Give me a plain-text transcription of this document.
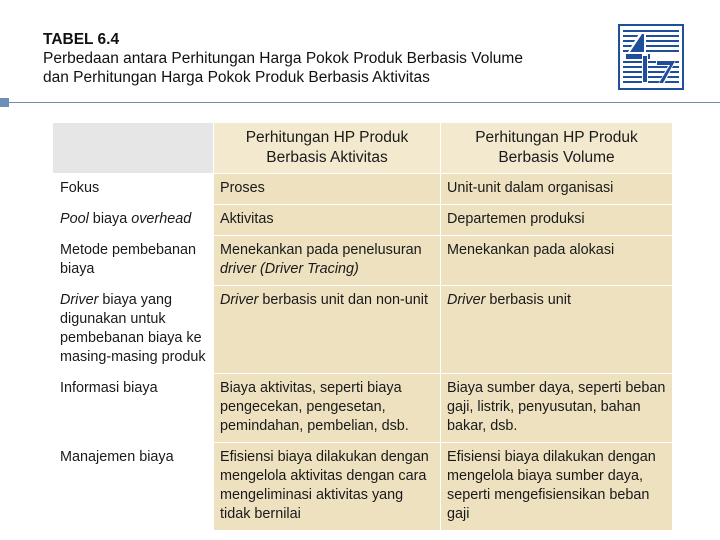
TABEL 6.4
Perbedaan antara Perhitungan Harga Pokok Produk Berbasis Volume
dan Perhitungan Harga Pokok Produk Berbasis Aktivitas
	Perhitungan HP Produk Berbasis Aktivitas	Perhitungan HP Produk Berbasis Volume
Fokus	Proses	Unit-unit dalam organisasi
Pool biaya overhead	Aktivitas	Departemen produksi
Metode pembebanan biaya	Menekankan pada penelusuran driver (Driver Tracing)	Menekankan pada alokasi
Driver biaya yang digunakan untuk pembebanan biaya ke masing-masing produk	Driver berbasis unit dan non-unit	Driver berbasis unit
Informasi biaya	Biaya aktivitas, seperti biaya pengecekan, pengesetan, pemindahan, pembelian, dsb.	Biaya sumber daya, seperti beban gaji, listrik, penyusutan, bahan bakar, dsb.
Manajemen biaya	Efisiensi biaya dilakukan dengan mengelola aktivitas dengan cara mengeliminasi aktivitas yang tidak bernilai	Efisiensi biaya dilakukan dengan mengelola biaya sumber daya, seperti mengefisiensikan beban gaji
